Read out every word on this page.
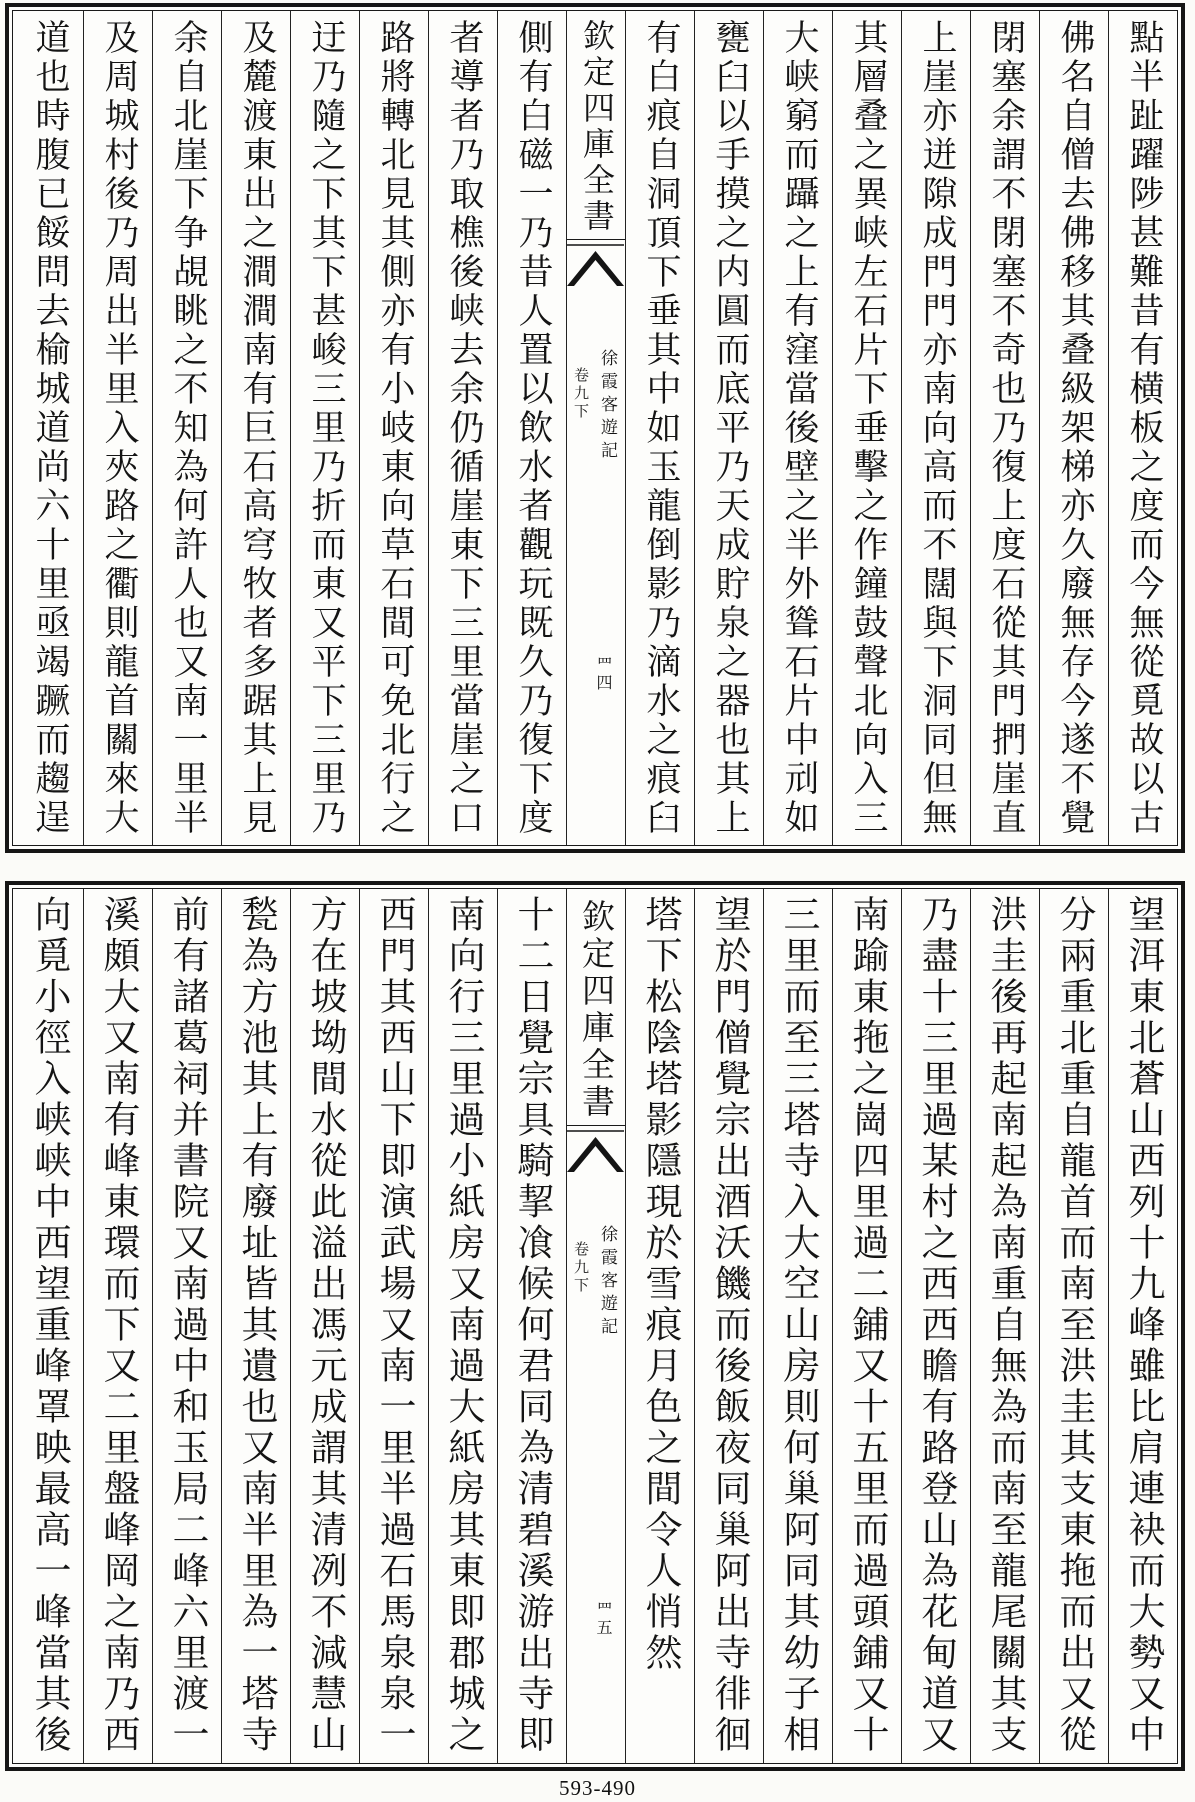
點半趾躍陟甚難昔有横板之度而今無從覓故以古
佛名自僧去佛移其叠級架梯亦久廢無存今遂不覺
閉塞余謂不閉塞不奇也乃復上度石從其門捫崖直
上崖亦迸隙成門門亦南向高而不闊與下洞同但無
其層叠之異峡左石片下垂擊之作鐘鼓聲北向入三
大峡窮而躡之上有窪當後壁之半外聳石片中刓如
甕臼以手摸之内圓而底平乃天成貯泉之器也其上
有白痕自洞頂下垂其中如玉龍倒影乃滴水之痕臼
欽定四庫全書
徐霞客遊記
卷九下
罒四
側有白磁一乃昔人置以飲水者觀玩既久乃復下度
者導者乃取樵後峡去余仍循崖東下三里當崖之口
路將轉北見其側亦有小岐東向草石間可免北行之
迂乃隨之下其下甚峻三里乃折而東又平下三里乃
及麓渡東出之澗澗南有巨石高穹牧者多踞其上見
余自北崖下争覘眺之不知為何許人也又南一里半
及周城村後乃周出半里入夾路之衢則龍首關來大
道也時腹已餒問去榆城道尚六十里亟竭蹶而趨逞
望洱東北蒼山西列十九峰雖比肩連袂而大勢又中
分兩重北重自龍首而南至洪圭其支東拖而出又從
洪圭後再起南起為南重自無為而南至龍尾關其支
乃盡十三里過某村之西西瞻有路登山為花甸道又
南踰東拖之崗四里過二鋪又十五里而過頭鋪又十
三里而至三塔寺入大空山房則何巢阿同其幼子相
望於門僧覺宗出酒沃饑而後飯夜同巢阿出寺徘徊
塔下松陰塔影隱現於雪痕月色之間令人悄然
欽定四庫全書
徐霞客遊記
卷九下
罒五
十二日覺宗具騎挈飡候何君同為清碧溪游出寺即
南向行三里過小紙房又南過大紙房其東即郡城之
西門其西山下即演武場又南一里半過石馬泉泉一
方在坡坳間水從此溢出馮元成謂其清冽不減慧山
甃為方池其上有廢址皆其遺也又南半里為一塔寺
前有諸葛祠并書院又南過中和玉局二峰六里渡一
溪頗大又南有峰東環而下又二里盤峰岡之南乃西
向覓小徑入峡峡中西望重峰罩映最高一峰當其後
593-490
